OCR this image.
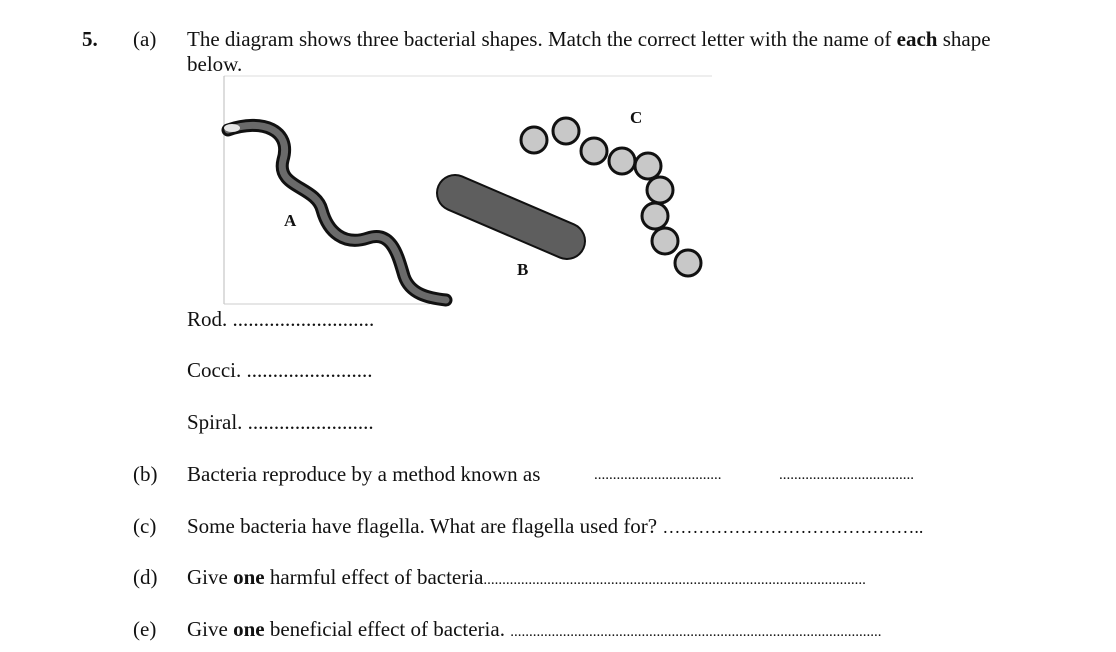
5. (a) The diagram shows three bacterial shapes. Match the correct letter with the name of each shape
below.
A
B
C
Rod. ...........................
Cocci. ........................
Spiral. ........................
(b) Bacteria reproduce by a method known as	..................................	....................................
(c) Some bacteria have flagella. What are flagella used for? ……………………………………..
(d) Give one harmful effect of bacteria......................................................................................................
(e) Give one beneficial effect of bacteria. ...................................................................................................
